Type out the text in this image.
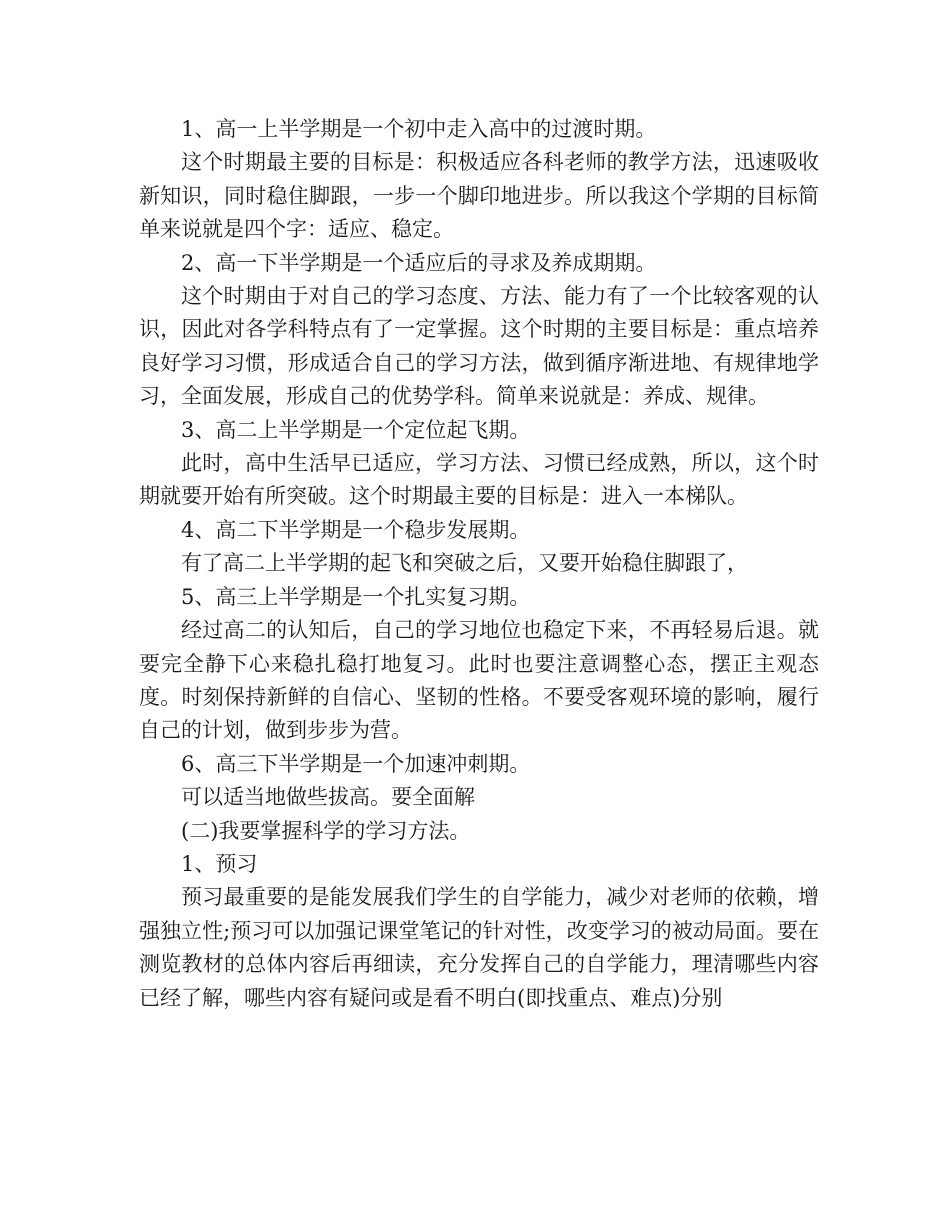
1、高一上半学期是一个初中走入高中的过渡时期。

这个时期最主要的目标是：积极适应各科老师的教学方法，迅速吸收新知识，同时稳住脚跟，一步一个脚印地进步。所以我这个学期的目标简单来说就是四个字：适应、稳定。

2、高一下半学期是一个适应后的寻求及养成期期。

这个时期由于对自己的学习态度、方法、能力有了一个比较客观的认识，因此对各学科特点有了一定掌握。这个时期的主要目标是：重点培养良好学习习惯，形成适合自己的学习方法，做到循序渐进地、有规律地学习，全面发展，形成自己的优势学科。简单来说就是：养成、规律。

3、高二上半学期是一个定位起飞期。

此时，高中生活早已适应，学习方法、习惯已经成熟，所以，这个时期就要开始有所突破。这个时期最主要的目标是：进入一本梯队。

4、高二下半学期是一个稳步发展期。

有了高二上半学期的起飞和突破之后，又要开始稳住脚跟了，

5、高三上半学期是一个扎实复习期。

经过高二的认知后，自己的学习地位也稳定下来，不再轻易后退。就要完全静下心来稳扎稳打地复习。此时也要注意调整心态，摆正主观态度。时刻保持新鲜的自信心、坚韧的性格。不要受客观环境的影响，履行自己的计划，做到步步为营。

6、高三下半学期是一个加速冲刺期。

可以适当地做些拔高。要全面解

(二)我要掌握科学的学习方法。

1、预习

预习最重要的是能发展我们学生的自学能力，减少对老师的依赖，增强独立性;预习可以加强记课堂笔记的针对性，改变学习的被动局面。要在测览教材的总体内容后再细读，充分发挥自己的自学能力，理清哪些内容已经了解，哪些内容有疑问或是看不明白(即找重点、难点)分别
